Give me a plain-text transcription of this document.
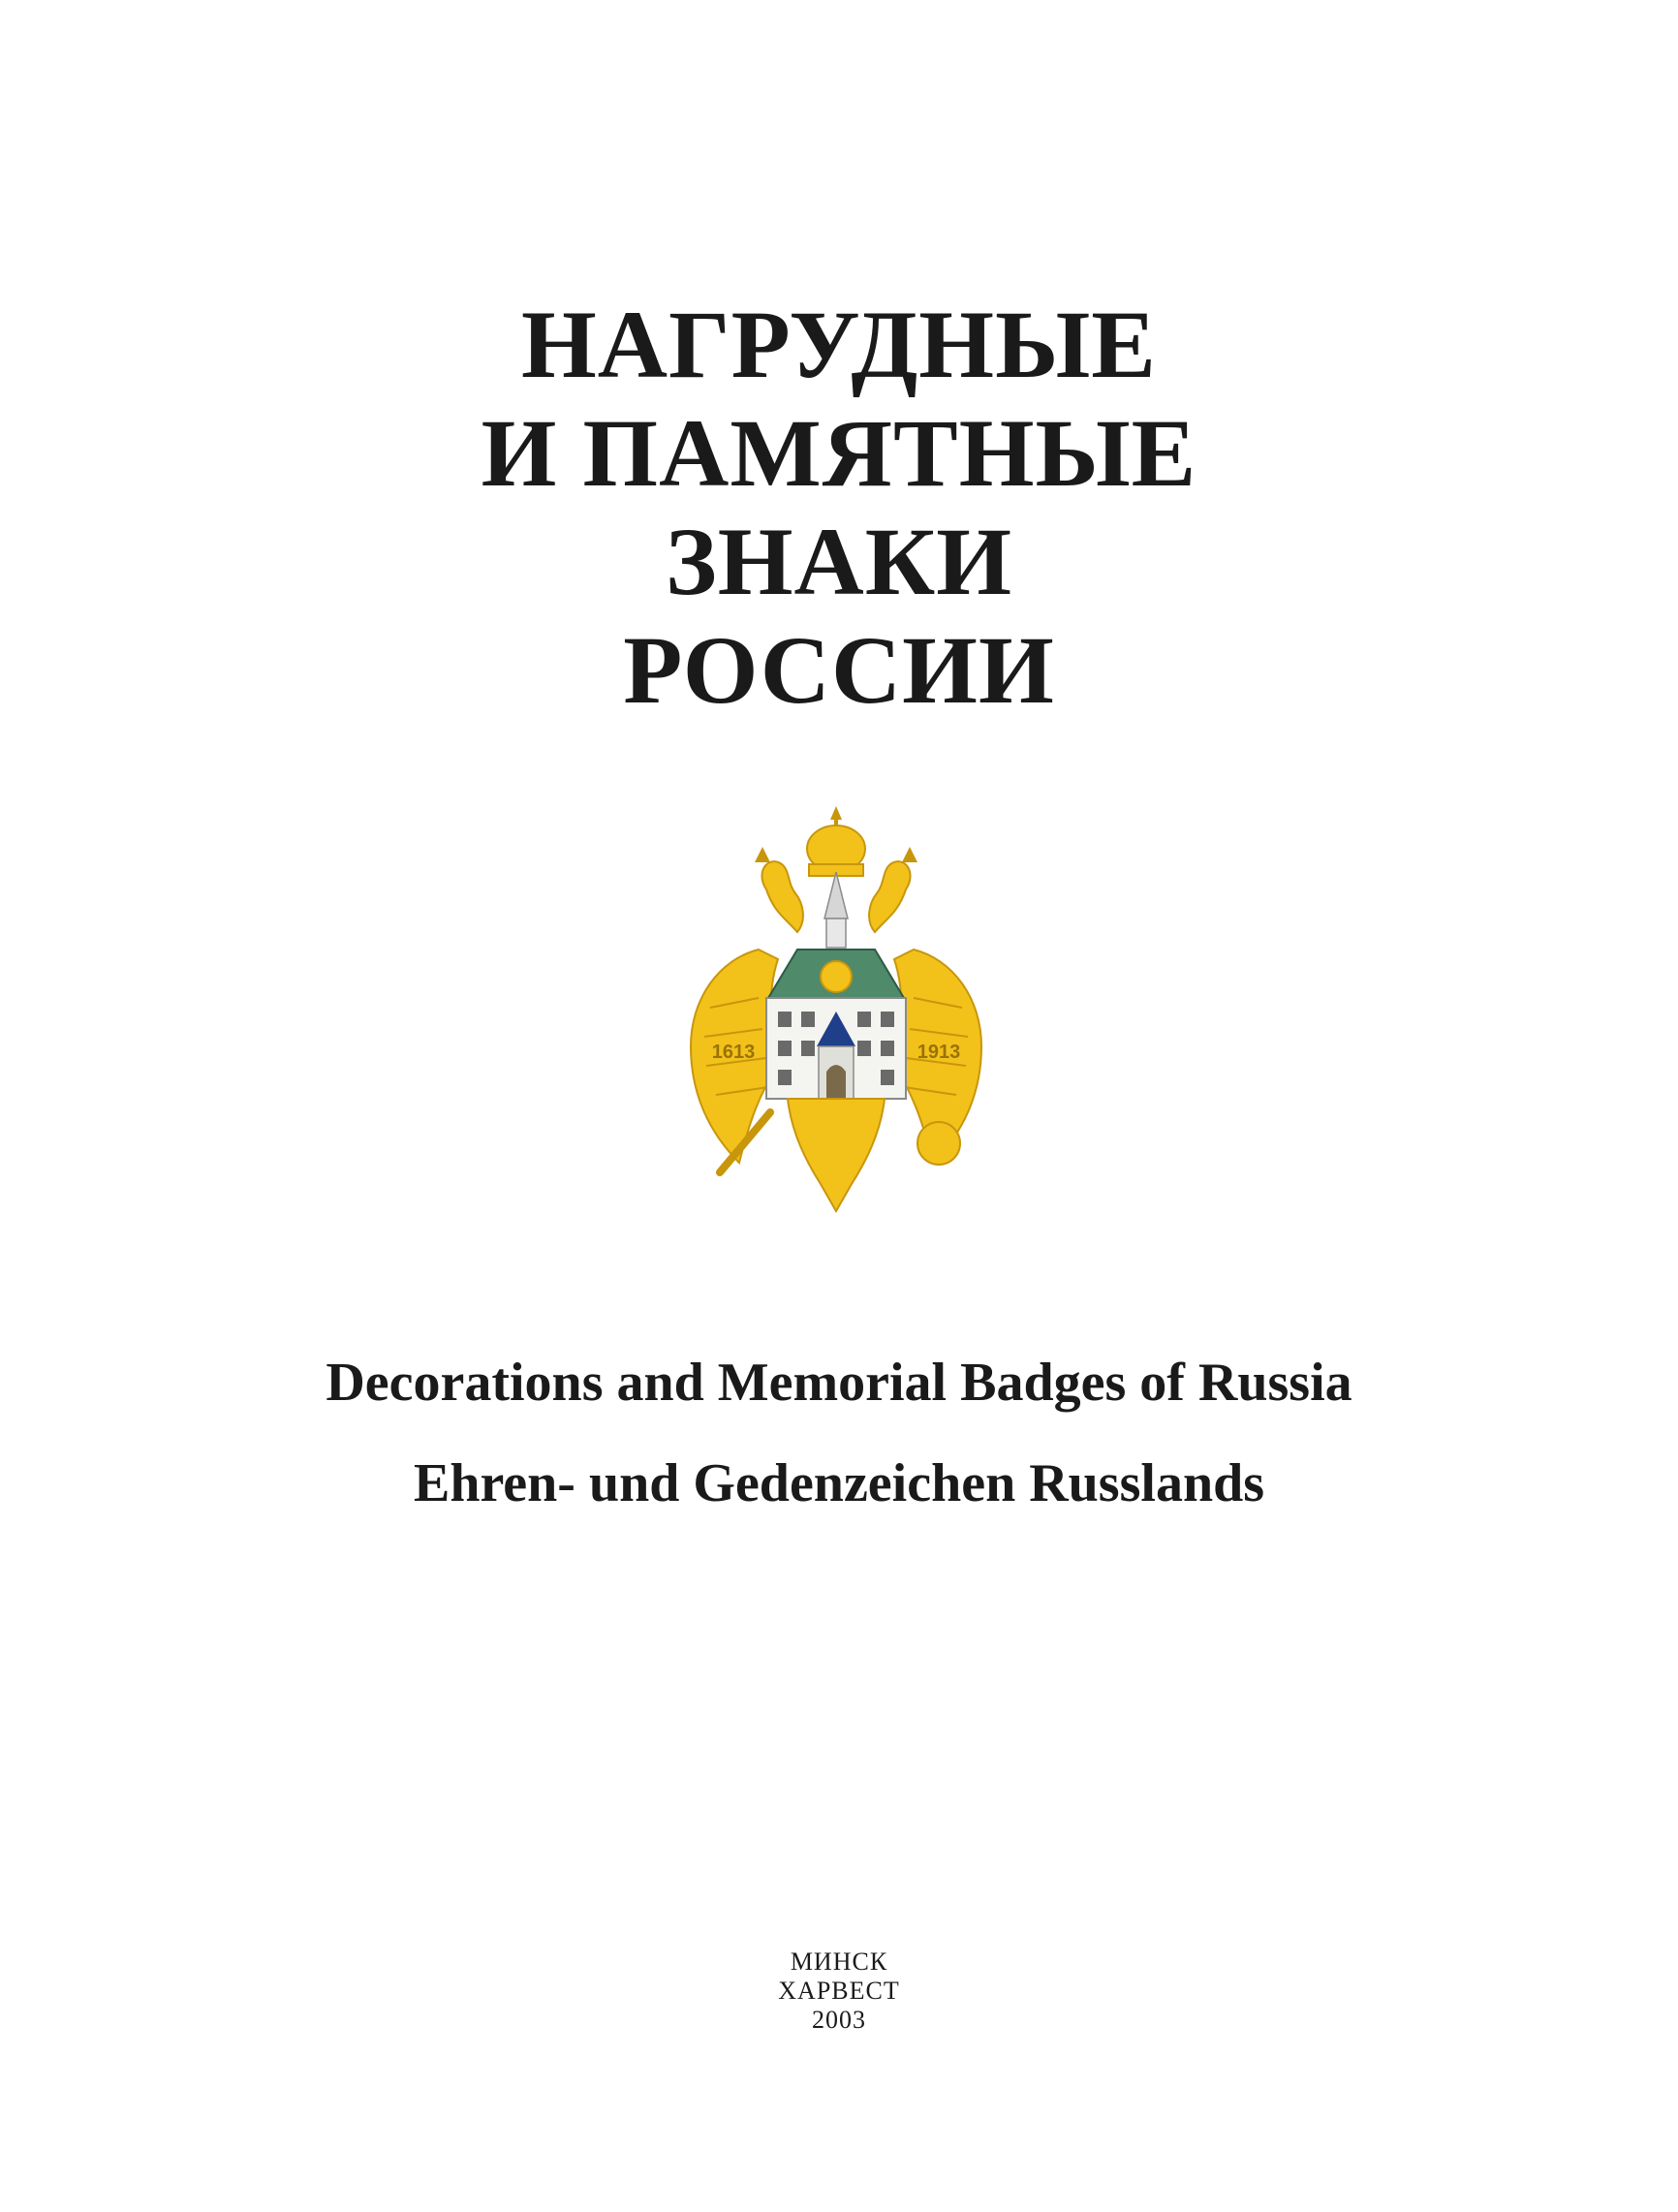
НАГРУДНЫЕ
И ПАМЯТНЫЕ
ЗНАКИ
РОССИИ
1613	1913
Decorations and Memorial Badges of Russia
Ehren- und Gedenzeichen Russlands
МИНСК
ХАРВЕСТ
2003
